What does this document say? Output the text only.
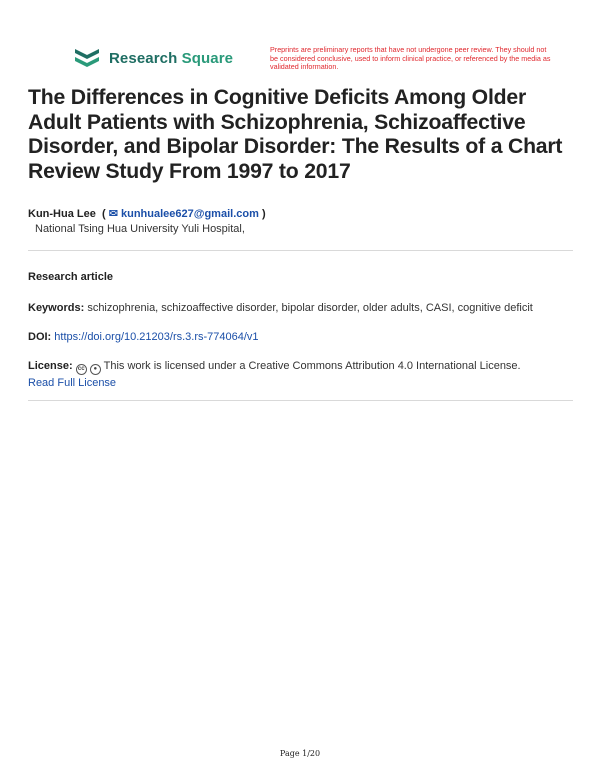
Research Square	Preprints are preliminary reports that have not undergone peer review. They should not be considered conclusive, used to inform clinical practice, or referenced by the media as validated information.
The Differences in Cognitive Deficits Among Older Adult Patients with Schizophrenia, Schizoaffective Disorder, and Bipolar Disorder: The Results of a Chart Review Study From 1997 to 2017
Kun-Hua Lee  ( ✉ kunhualee627@gmail.com )
National Tsing Hua University Yuli Hospital,
Research article
Keywords: schizophrenia, schizoaffective disorder, bipolar disorder, older adults, CASI, cognitive deficit
DOI: https://doi.org/10.21203/rs.3.rs-774064/v1
License: cc ● This work is licensed under a Creative Commons Attribution 4.0 International License.
Read Full License
Page 1/20
